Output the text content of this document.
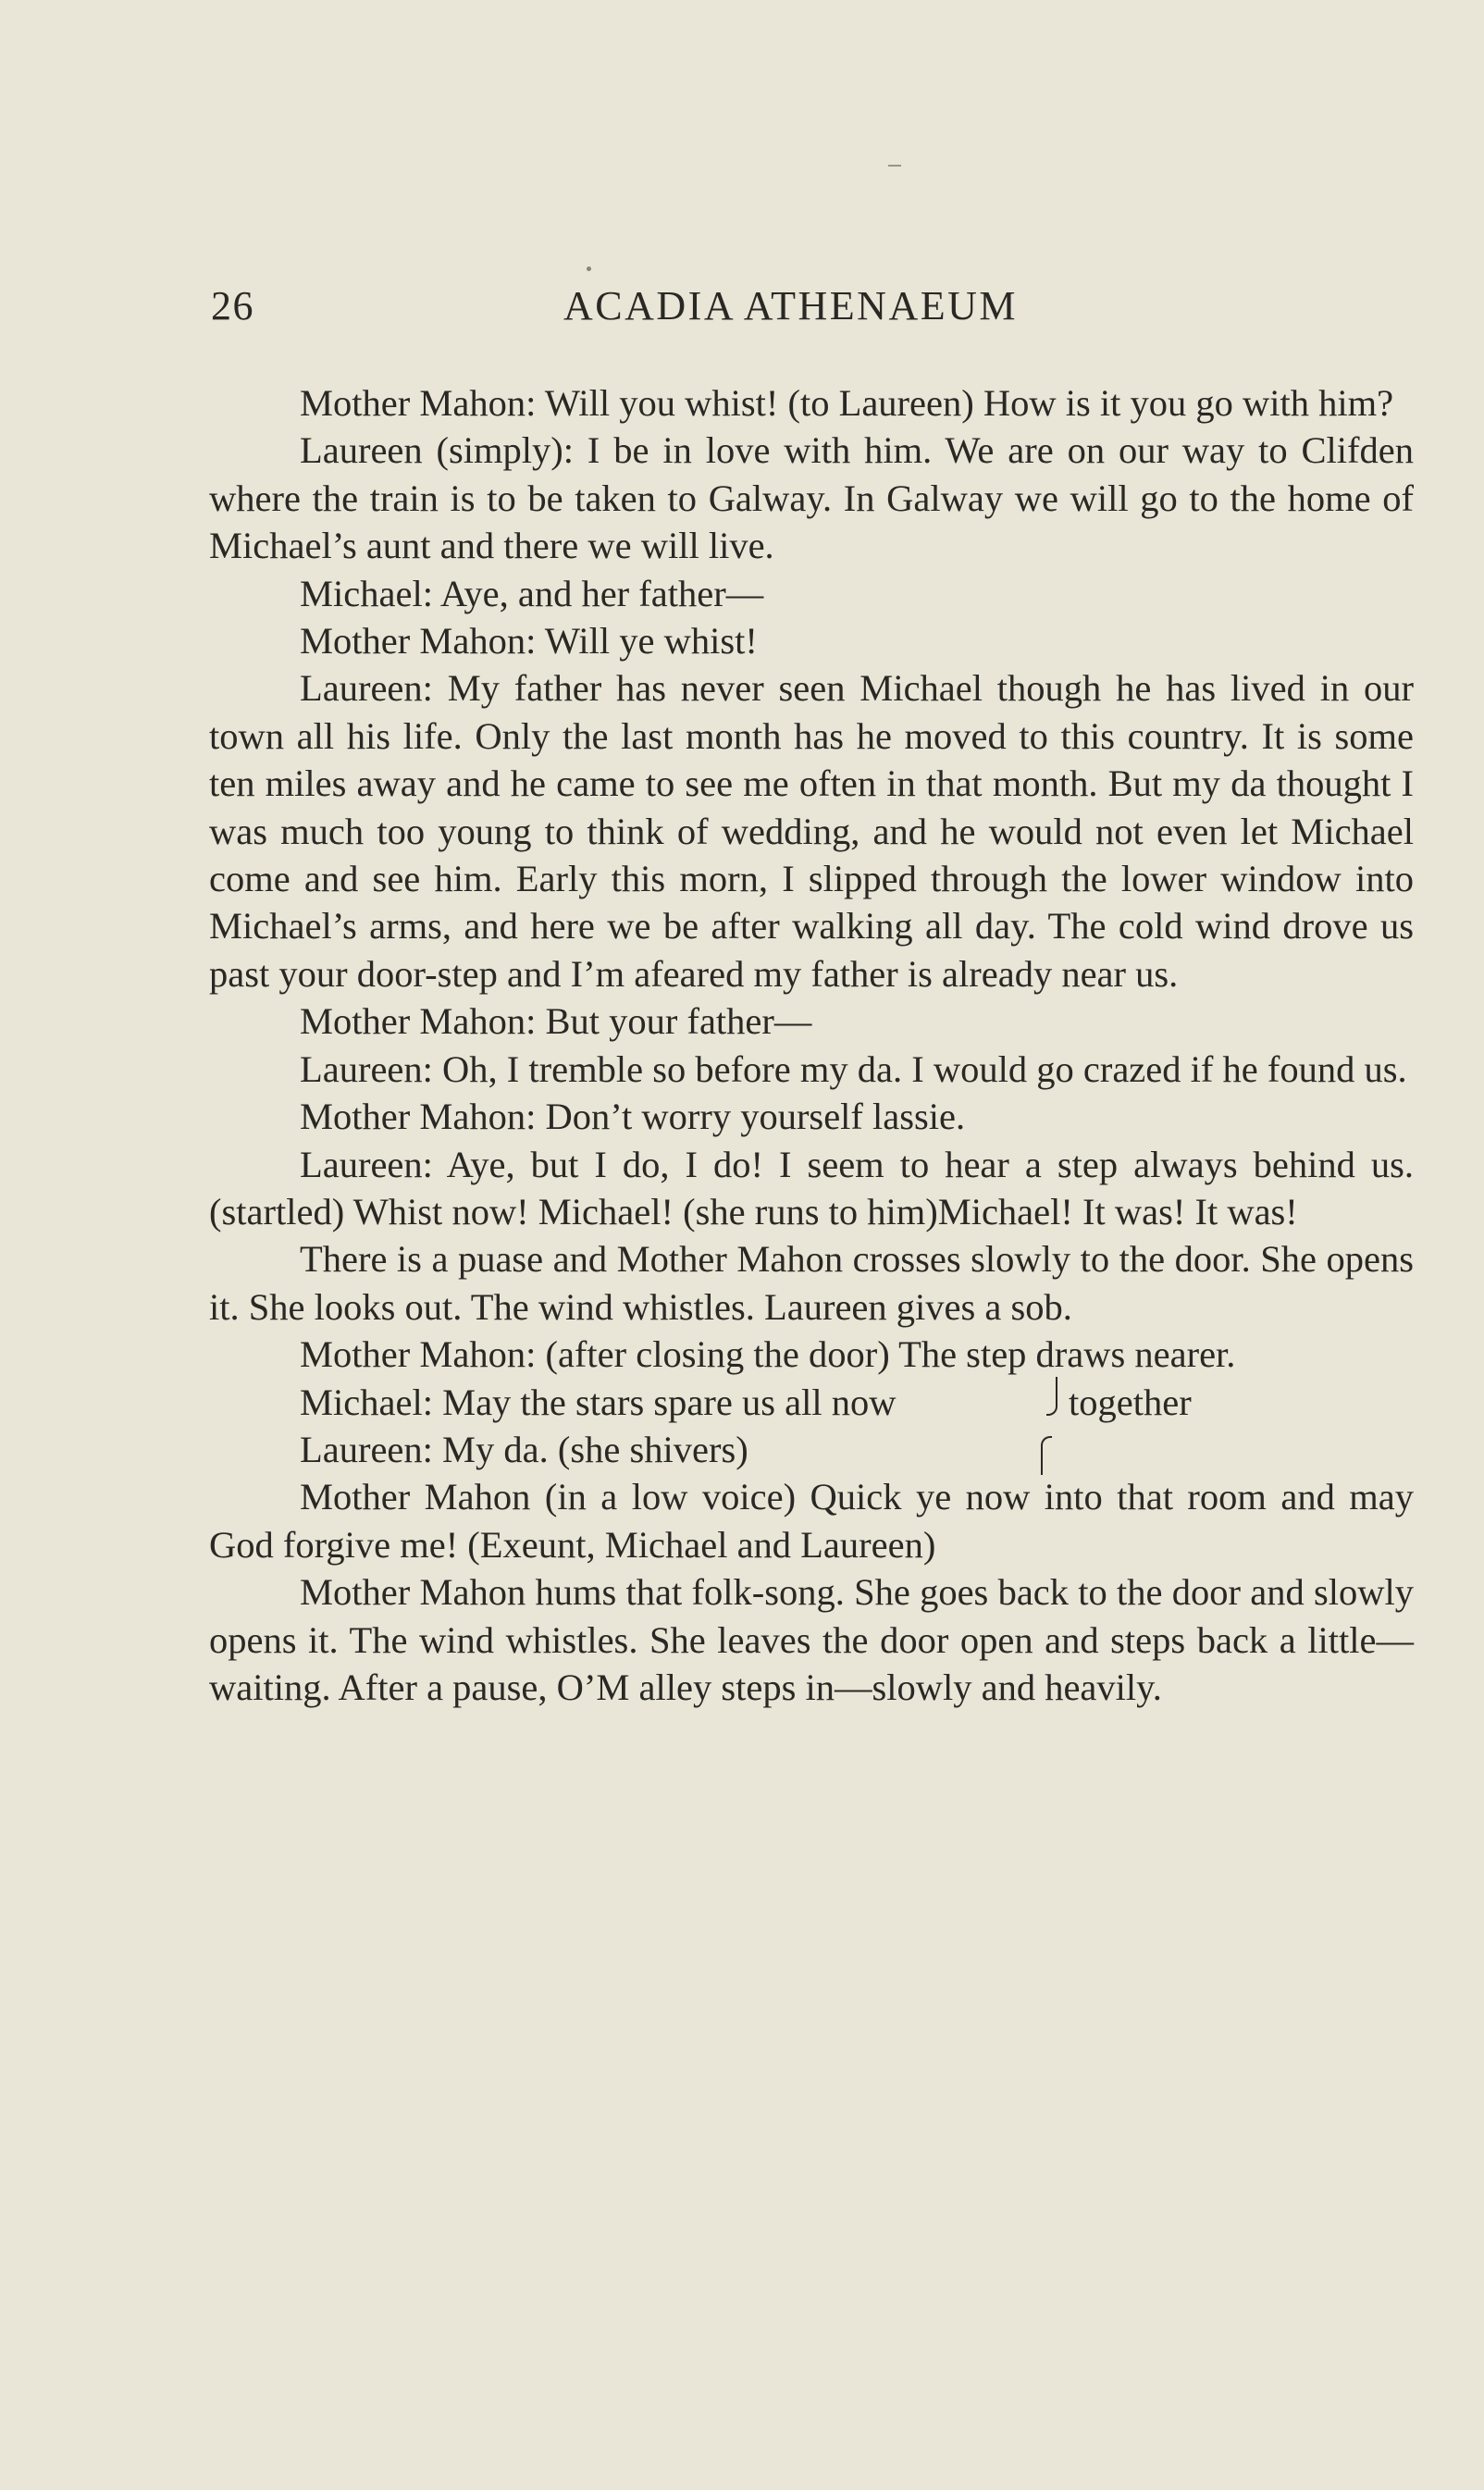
26	ACADIA ATHENAEUM

Mother Mahon: Will you whist! (to Laureen) How is it you go with him?

Laureen (simply): I be in love with him. We are on our way to Clifden where the train is to be taken to Galway. In Galway we will go to the home of Michael’s aunt and there we will live.

Michael: Aye, and her father—

Mother Mahon: Will ye whist!

Laureen: My father has never seen Michael though he has lived in our town all his life. Only the last month has he moved to this country. It is some ten miles away and he came to see me often in that month. But my da thought I was much too young to think of wedding, and he would not even let Michael come and see him. Early this morn, I slipped through the lower window into Michael’s arms, and here we be after walking all day. The cold wind drove us past your door-step and I’m afeared my father is already near us.

Mother Mahon: But your father—

Laureen: Oh, I tremble so before my da. I would go crazed if he found us.

Mother Mahon: Don’t worry yourself lassie.

Laureen: Aye, but I do, I do! I seem to hear a step always behind us. (startled) Whist now! Michael! (she runs to him)Michael! It was! It was!

There is a puase and Mother Mahon crosses slowly to the door. She opens it. She looks out. The wind whistles. Laureen gives a sob.

Mother Mahon: (after closing the door) The step draws nearer.

Michael: May the stars spare us all now	together
Laureen: My da. (she shivers)

Mother Mahon (in a low voice) Quick ye now into that room and may God forgive me! (Exeunt, Michael and Laureen)

Mother Mahon hums that folk-song. She goes back to the door and slowly opens it. The wind whistles. She leaves the door open and steps back a little—waiting. After a pause, O’M alley steps in—slowly and heavily.
